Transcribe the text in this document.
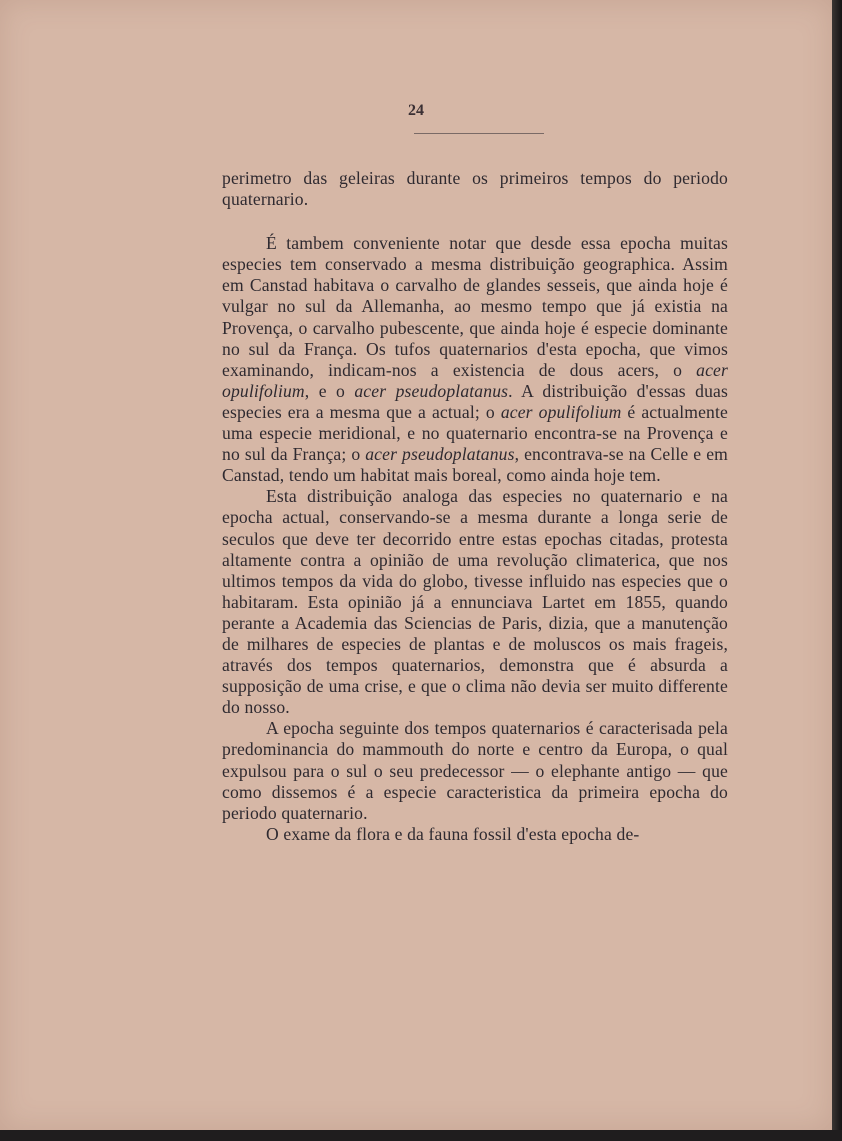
24

perimetro das geleiras durante os primeiros tempos do periodo quaternario.

É tambem conveniente notar que desde essa epocha muitas especies tem conservado a mesma distribuição geographica. Assim em Canstad habitava o carvalho de glandes sesseis, que ainda hoje é vulgar no sul da Allemanha, ao mesmo tempo que já existia na Provença, o carvalho pubescente, que ainda hoje é especie dominante no sul da França. Os tufos quaternarios d'esta epocha, que vimos examinando, indicam-nos a existencia de dous acers, o acer opulifolium, e o acer pseudoplatanus. A distribuição d'essas duas especies era a mesma que a actual; o acer opulifolium é actualmente uma especie meridional, e no quaternario encontra-se na Provença e no sul da França; o acer pseudoplatanus, encontrava-se na Celle e em Canstad, tendo um habitat mais boreal, como ainda hoje tem.

Esta distribuição analoga das especies no quaternario e na epocha actual, conservando-se a mesma durante a longa serie de seculos que deve ter decorrido entre estas epochas citadas, protesta altamente contra a opinião de uma revolução climaterica, que nos ultimos tempos da vida do globo, tivesse influido nas especies que o habitaram. Esta opinião já a ennunciava Lartet em 1855, quando perante a Academia das Sciencias de Paris, dizia, que a manutenção de milhares de especies de plantas e de moluscos os mais frageis, através dos tempos quaternarios, demonstra que é absurda a supposição de uma crise, e que o clima não devia ser muito differente do nosso.

A epocha seguinte dos tempos quaternarios é caracterisada pela predominancia do mammouth do norte e centro da Europa, o qual expulsou para o sul o seu predecessor — o elephante antigo — que como dissemos é a especie caracteristica da primeira epocha do periodo quaternario.

O exame da flora e da fauna fossil d'esta epocha de-
